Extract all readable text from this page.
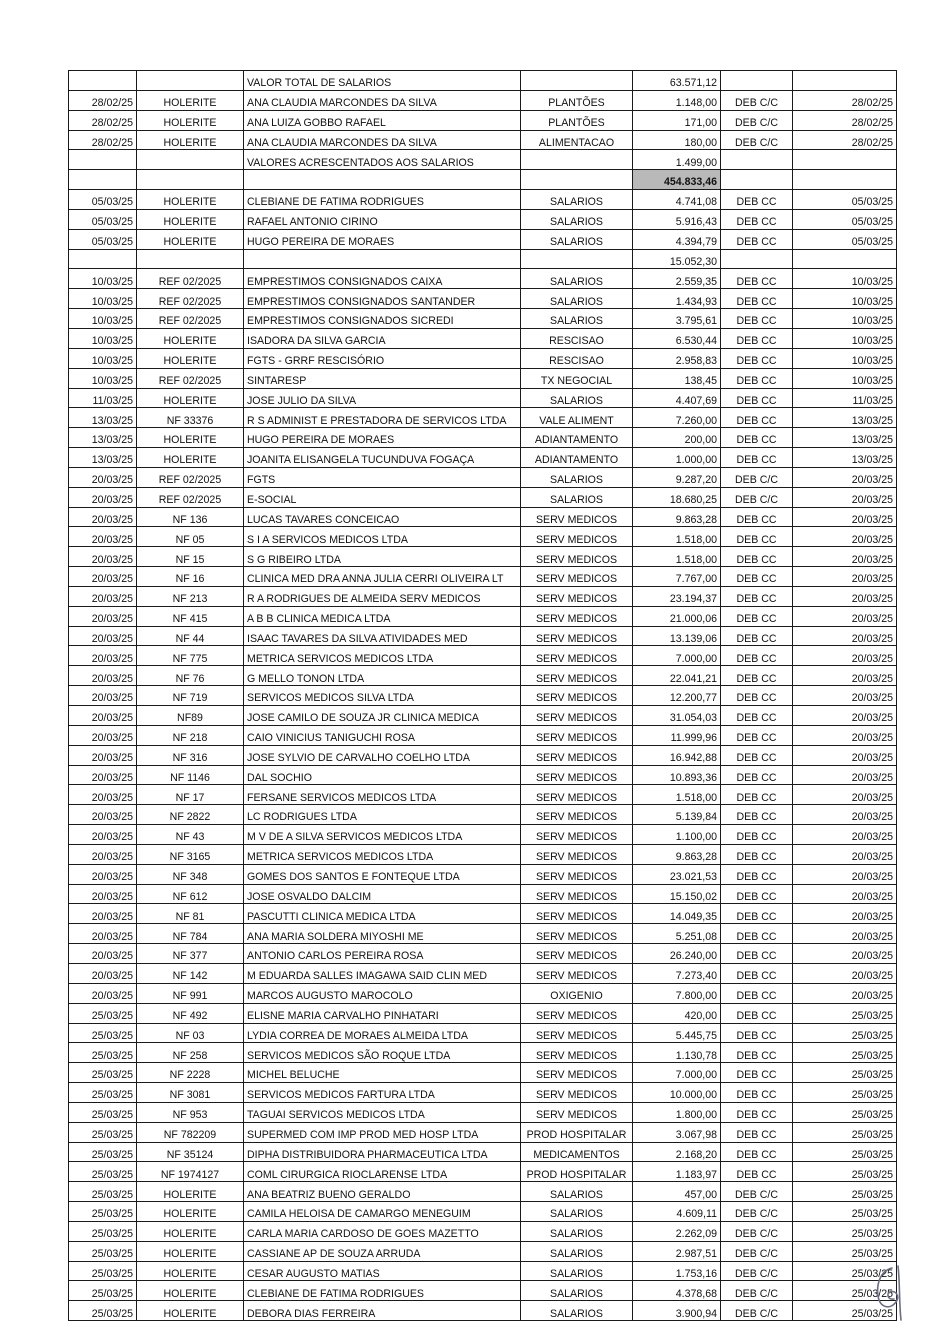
		VALOR TOTAL DE SALARIOS		63.571,12		
28/02/25	HOLERITE	ANA CLAUDIA MARCONDES DA SILVA	PLANTÕES	1.148,00	DEB C/C	28/02/25
28/02/25	HOLERITE	ANA LUIZA GOBBO RAFAEL	PLANTÕES	171,00	DEB C/C	28/02/25
28/02/25	HOLERITE	ANA CLAUDIA MARCONDES DA SILVA	ALIMENTACAO	180,00	DEB C/C	28/02/25
		VALORES ACRESCENTADOS AOS SALARIOS		1.499,00		
				454.833,46		
05/03/25	HOLERITE	CLEBIANE DE FATIMA RODRIGUES	SALARIOS	4.741,08	DEB CC	05/03/25
05/03/25	HOLERITE	RAFAEL ANTONIO CIRINO	SALARIOS	5.916,43	DEB CC	05/03/25
05/03/25	HOLERITE	HUGO PEREIRA DE MORAES	SALARIOS	4.394,79	DEB CC	05/03/25
				15.052,30		
10/03/25	REF 02/2025	EMPRESTIMOS CONSIGNADOS CAIXA	SALARIOS	2.559,35	DEB CC	10/03/25
10/03/25	REF 02/2025	EMPRESTIMOS CONSIGNADOS SANTANDER	SALARIOS	1.434,93	DEB CC	10/03/25
10/03/25	REF 02/2025	EMPRESTIMOS CONSIGNADOS SICREDI	SALARIOS	3.795,61	DEB CC	10/03/25
10/03/25	HOLERITE	ISADORA DA SILVA GARCIA	RESCISAO	6.530,44	DEB CC	10/03/25
10/03/25	HOLERITE	FGTS - GRRF RESCISÓRIO	RESCISAO	2.958,83	DEB CC	10/03/25
10/03/25	REF 02/2025	SINTARESP	TX NEGOCIAL	138,45	DEB CC	10/03/25
11/03/25	HOLERITE	JOSE JULIO DA SILVA	SALARIOS	4.407,69	DEB CC	11/03/25
13/03/25	NF 33376	R S ADMINIST E PRESTADORA DE SERVICOS LTDA	VALE ALIMENT	7.260,00	DEB CC	13/03/25
13/03/25	HOLERITE	HUGO PEREIRA DE MORAES	ADIANTAMENTO	200,00	DEB CC	13/03/25
13/03/25	HOLERITE	JOANITA ELISANGELA TUCUNDUVA FOGAÇA	ADIANTAMENTO	1.000,00	DEB CC	13/03/25
20/03/25	REF 02/2025	FGTS	SALARIOS	9.287,20	DEB C/C	20/03/25
20/03/25	REF 02/2025	E-SOCIAL	SALARIOS	18.680,25	DEB C/C	20/03/25
20/03/25	NF 136	LUCAS TAVARES CONCEICAO	SERV MEDICOS	9.863,28	DEB CC	20/03/25
20/03/25	NF 05	S I A SERVICOS MEDICOS LTDA	SERV MEDICOS	1.518,00	DEB CC	20/03/25
20/03/25	NF 15	S G RIBEIRO LTDA	SERV MEDICOS	1.518,00	DEB CC	20/03/25
20/03/25	NF 16	CLINICA MED DRA ANNA JULIA CERRI OLIVEIRA LT	SERV MEDICOS	7.767,00	DEB CC	20/03/25
20/03/25	NF 213	R A RODRIGUES DE ALMEIDA SERV MEDICOS	SERV MEDICOS	23.194,37	DEB CC	20/03/25
20/03/25	NF 415	A B B CLINICA MEDICA LTDA	SERV MEDICOS	21.000,06	DEB CC	20/03/25
20/03/25	NF 44	ISAAC TAVARES DA SILVA ATIVIDADES MED	SERV MEDICOS	13.139,06	DEB CC	20/03/25
20/03/25	NF 775	METRICA SERVICOS MEDICOS LTDA	SERV MEDICOS	7.000,00	DEB CC	20/03/25
20/03/25	NF 76	G MELLO TONON LTDA	SERV MEDICOS	22.041,21	DEB CC	20/03/25
20/03/25	NF 719	SERVICOS MEDICOS SILVA LTDA	SERV MEDICOS	12.200,77	DEB CC	20/03/25
20/03/25	NF89	JOSE CAMILO DE SOUZA JR CLINICA MEDICA	SERV MEDICOS	31.054,03	DEB CC	20/03/25
20/03/25	NF 218	CAIO VINICIUS TANIGUCHI ROSA	SERV MEDICOS	11.999,96	DEB CC	20/03/25
20/03/25	NF 316	JOSE SYLVIO DE CARVALHO COELHO LTDA	SERV MEDICOS	16.942,88	DEB CC	20/03/25
20/03/25	NF 1146	DAL SOCHIO	SERV MEDICOS	10.893,36	DEB CC	20/03/25
20/03/25	NF 17	FERSANE SERVICOS MEDICOS LTDA	SERV MEDICOS	1.518,00	DEB CC	20/03/25
20/03/25	NF 2822	LC RODRIGUES LTDA	SERV MEDICOS	5.139,84	DEB CC	20/03/25
20/03/25	NF 43	M V DE A SILVA SERVICOS MEDICOS LTDA	SERV MEDICOS	1.100,00	DEB CC	20/03/25
20/03/25	NF 3165	METRICA SERVICOS MEDICOS LTDA	SERV MEDICOS	9.863,28	DEB CC	20/03/25
20/03/25	NF 348	GOMES DOS SANTOS E FONTEQUE LTDA	SERV MEDICOS	23.021,53	DEB CC	20/03/25
20/03/25	NF 612	JOSE OSVALDO DALCIM	SERV MEDICOS	15.150,02	DEB CC	20/03/25
20/03/25	NF 81	PASCUTTI CLINICA MEDICA LTDA	SERV MEDICOS	14.049,35	DEB CC	20/03/25
20/03/25	NF 784	ANA MARIA SOLDERA MIYOSHI ME	SERV MEDICOS	5.251,08	DEB CC	20/03/25
20/03/25	NF 377	ANTONIO CARLOS PEREIRA ROSA	SERV MEDICOS	26.240,00	DEB CC	20/03/25
20/03/25	NF 142	M EDUARDA SALLES IMAGAWA SAID CLIN MED	SERV MEDICOS	7.273,40	DEB CC	20/03/25
20/03/25	NF 991	MARCOS AUGUSTO MAROCOLO	OXIGENIO	7.800,00	DEB CC	20/03/25
25/03/25	NF 492	ELISNE MARIA CARVALHO PINHATARI	SERV MEDICOS	420,00	DEB CC	25/03/25
25/03/25	NF 03	LYDIA CORREA DE MORAES ALMEIDA LTDA	SERV MEDICOS	5.445,75	DEB CC	25/03/25
25/03/25	NF 258	SERVICOS MEDICOS SÃO ROQUE LTDA	SERV MEDICOS	1.130,78	DEB CC	25/03/25
25/03/25	NF 2228	MICHEL BELUCHE	SERV MEDICOS	7.000,00	DEB CC	25/03/25
25/03/25	NF 3081	SERVICOS MEDICOS FARTURA LTDA	SERV MEDICOS	10.000,00	DEB CC	25/03/25
25/03/25	NF 953	TAGUAI SERVICOS MEDICOS LTDA	SERV MEDICOS	1.800,00	DEB CC	25/03/25
25/03/25	NF 782209	SUPERMED COM IMP PROD MED HOSP LTDA	PROD HOSPITALAR	3.067,98	DEB CC	25/03/25
25/03/25	NF 35124	DIPHA DISTRIBUIDORA PHARMACEUTICA LTDA	MEDICAMENTOS	2.168,20	DEB CC	25/03/25
25/03/25	NF 1974127	COML CIRURGICA RIOCLARENSE LTDA	PROD HOSPITALAR	1.183,97	DEB CC	25/03/25
25/03/25	HOLERITE	ANA BEATRIZ BUENO GERALDO	SALARIOS	457,00	DEB C/C	25/03/25
25/03/25	HOLERITE	CAMILA HELOISA DE CAMARGO MENEGUIM	SALARIOS	4.609,11	DEB C/C	25/03/25
25/03/25	HOLERITE	CARLA MARIA CARDOSO DE GOES MAZETTO	SALARIOS	2.262,09	DEB C/C	25/03/25
25/03/25	HOLERITE	CASSIANE AP DE SOUZA ARRUDA	SALARIOS	2.987,51	DEB C/C	25/03/25
25/03/25	HOLERITE	CESAR AUGUSTO MATIAS	SALARIOS	1.753,16	DEB C/C	25/03/25
25/03/25	HOLERITE	CLEBIANE DE FATIMA RODRIGUES	SALARIOS	4.378,68	DEB C/C	25/03/25
25/03/25	HOLERITE	DEBORA DIAS FERREIRA	SALARIOS	3.900,94	DEB C/C	25/03/25
